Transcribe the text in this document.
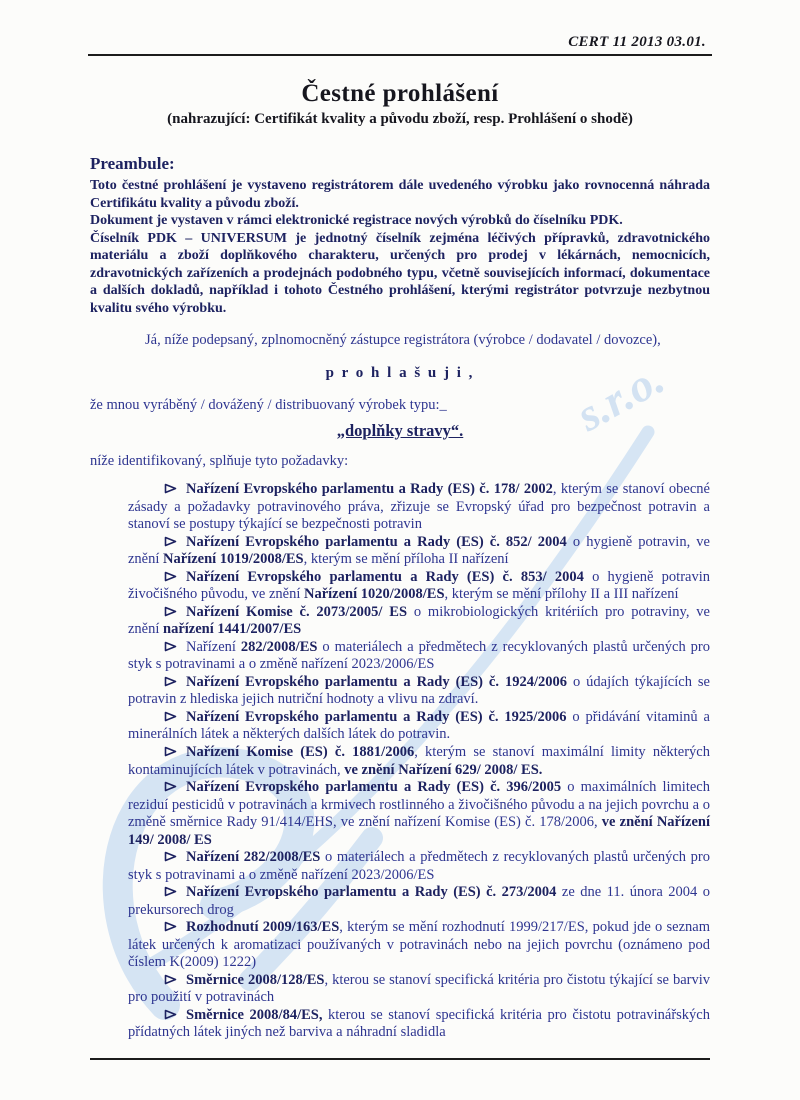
s.r.o.
CERT 11 2013 03.01.
Čestné prohlášení
(nahrazující: Certifikát kvality a původu zboží, resp. Prohlášení o shodě)
Preambule:

Toto čestné prohlášení je vystaveno registrátorem dále uvedeného výrobku jako rovnocenná náhrada Certifikátu kvality a původu zboží.

Dokument je vystaven v rámci elektronické registrace nových výrobků do číselníku PDK.

Číselník PDK – UNIVERSUM je jednotný číselník zejména léčivých přípravků, zdravotnického materiálu a zboží doplňkového charakteru, určených pro prodej v lékárnách, nemocnicích, zdravotnických zařízeních a prodejnách podobného typu, včetně souvisejících informací, dokumentace a dalších dokladů, například i tohoto Čestného prohlášení, kterými registrátor potvrzuje nezbytnou kvalitu svého výrobku.

Já, níže podepsaný, zplnomocněný zástupce registrátora (výrobce / dodavatel / dovozce),

p r o h l a š u j i ,

že mnou vyráběný / dovážený / distribuovaný výrobek typu:_

„doplňky stravy“.

níže identifikovaný, splňuje tyto požadavky:

Nařízení Evropského parlamentu a Rady (ES) č. 178/ 2002, kterým se stanoví obecné zásady a požadavky potravinového práva, zřizuje se Evropský úřad pro bezpečnost potravin a stanoví se postupy týkající se bezpečnosti potravin

Nařízení Evropského parlamentu a Rady (ES) č. 852/ 2004 o hygieně potravin, ve znění Nařízení 1019/2008/ES, kterým se mění příloha II nařízení

Nařízení Evropského parlamentu a Rady (ES) č. 853/ 2004 o hygieně potravin živočišného původu, ve znění Nařízení 1020/2008/ES, kterým se mění přílohy II a III nařízení

Nařízení Komise č. 2073/2005/ ES o mikrobiologických kritériích pro potraviny, ve znění nařízení 1441/2007/ES

Nařízení 282/2008/ES o materiálech a předmětech z recyklovaných plastů určených pro styk s potravinami a o změně nařízení 2023/2006/ES

Nařízení Evropského parlamentu a Rady (ES) č. 1924/2006 o údajích týkajících se potravin z hlediska jejich nutriční hodnoty a vlivu na zdraví.

Nařízení Evropského parlamentu a Rady (ES) č. 1925/2006 o přidávání vitaminů a minerálních látek a některých dalších látek do potravin.

Nařízení Komise (ES) č. 1881/2006, kterým se stanoví maximální limity některých kontaminujících látek v potravinách, ve znění Nařízení 629/ 2008/ ES.

Nařízení Evropského parlamentu a Rady (ES) č. 396/2005 o maximálních limitech reziduí pesticidů v potravinách a krmivech rostlinného a živočišného původu a na jejich povrchu a o změně směrnice Rady 91/414/EHS, ve znění nařízení Komise (ES) č. 178/2006, ve znění Nařízení 149/ 2008/ ES

Nařízení 282/2008/ES o materiálech a předmětech z recyklovaných plastů určených pro styk s potravinami a o změně nařízení 2023/2006/ES

Nařízení Evropského parlamentu a Rady (ES) č. 273/2004 ze dne 11. února 2004 o prekursorech drog

Rozhodnutí 2009/163/ES, kterým se mění rozhodnutí 1999/217/ES, pokud jde o seznam látek určených k aromatizaci používaných v potravinách nebo na jejich povrchu (oznámeno pod číslem K(2009) 1222)

Směrnice 2008/128/ES, kterou se stanoví specifická kritéria pro čistotu týkající se barviv pro použití v potravinách

Směrnice 2008/84/ES, kterou se stanoví specifická kritéria pro čistotu potravinářských přídatných látek jiných než barviva a náhradní sladidla
